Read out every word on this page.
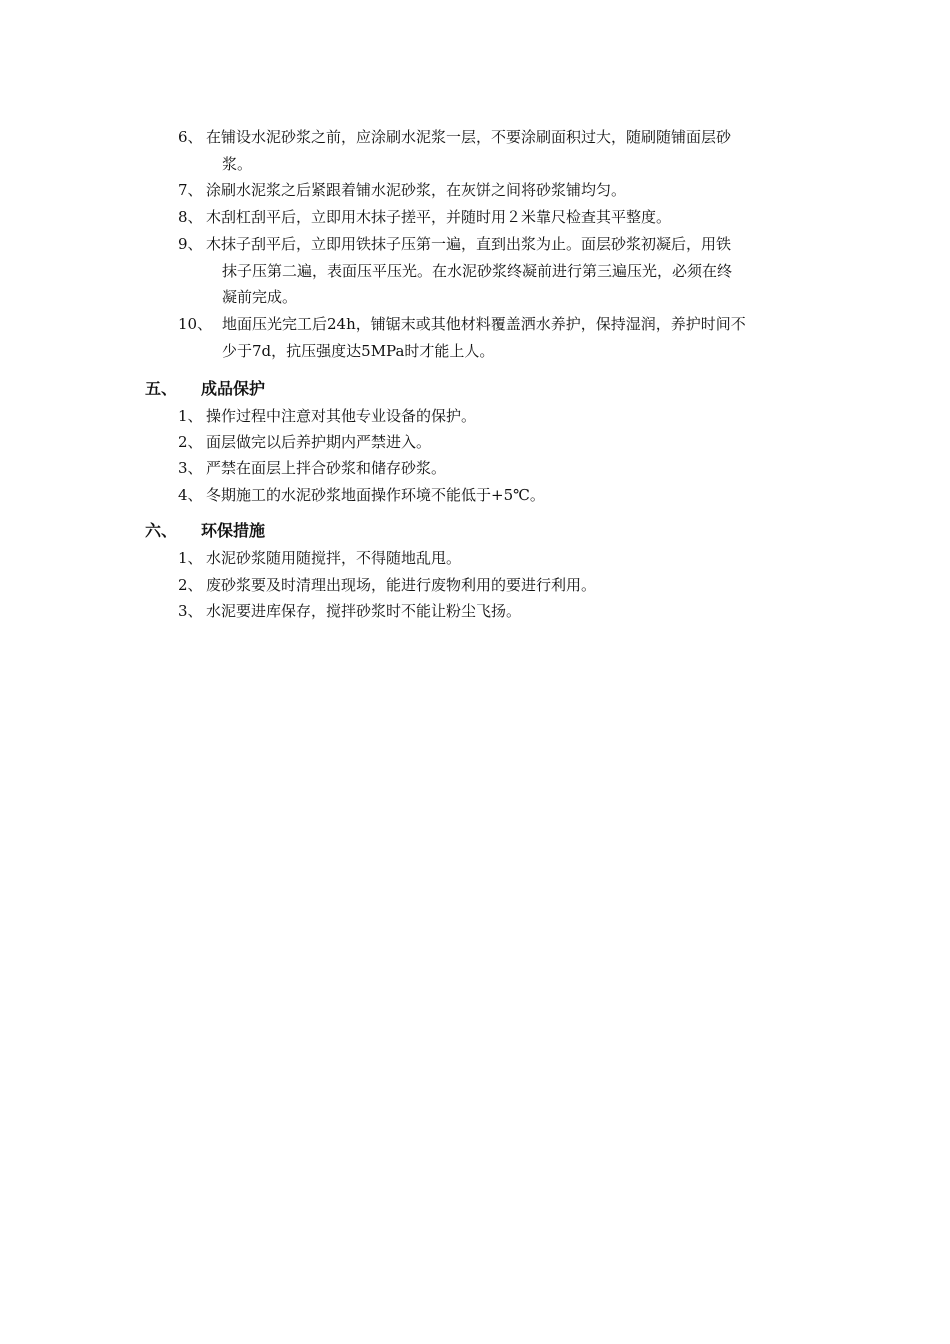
6、 在铺设水泥砂浆之前，应涂刷水泥浆一层，不要涂刷面积过大，随刷随铺面层砂
浆。
7、 涂刷水泥浆之后紧跟着铺水泥砂浆，在灰饼之间将砂浆铺均匀。
8、 木刮杠刮平后，立即用木抹子搓平，并随时用２米靠尺检查其平整度。
9、 木抹子刮平后，立即用铁抹子压第一遍，直到出浆为止。面层砂浆初凝后，用铁
抹子压第二遍，表面压平压光。在水泥砂浆终凝前进行第三遍压光，必须在终
凝前完成。
10、 地面压光完工后24h，铺锯末或其他材料覆盖洒水养护，保持湿润，养护时间不
少于7d，抗压强度达5MPa时才能上人。
五、 成品保护
1、 操作过程中注意对其他专业设备的保护。
2、 面层做完以后养护期内严禁进入。
3、 严禁在面层上拌合砂浆和储存砂浆。
4、 冬期施工的水泥砂浆地面操作环境不能低于+5℃。
六、 环保措施
1、 水泥砂浆随用随搅拌，不得随地乱甩。
2、 废砂浆要及时清理出现场，能进行废物利用的要进行利用。
3、 水泥要进库保存，搅拌砂浆时不能让粉尘飞扬。
